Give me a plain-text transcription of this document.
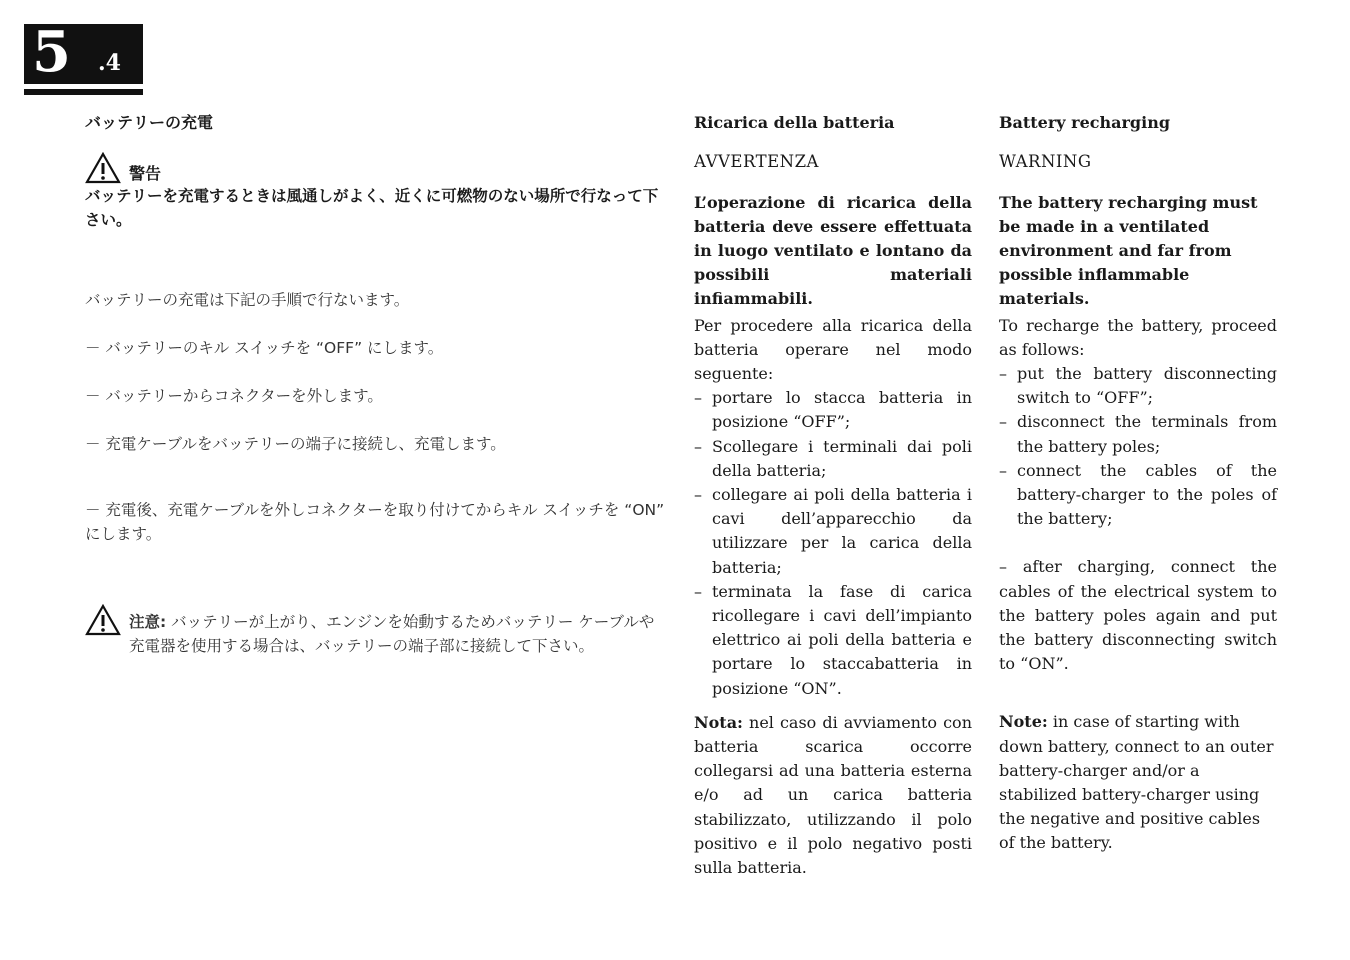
5 .4

バッテリーの充電

警告

バッテリーを充電するときは風通しがよく、近くに可燃物のない場所で行なって下さい。

バッテリーの充電は下記の手順で行ないます。

－ バッテリーのキル スイッチを “OFF” にします。

－ バッテリーからコネクターを外します。

－ 充電ケーブルをバッテリーの端子に接続し、充電します。

－ 充電後、充電ケーブルを外しコネクターを取り付けてからキル スイッチを “ON” にします。

注意: バッテリーが上がり、エンジンを始動するためバッテリー ケーブルや充電器を使用する場合は、バッテリーの端子部に接続して下さい。

Ricarica della batteria

AVVERTENZA

L’operazione di ricarica della batteria deve essere effettuata in luogo ventilato e lontano da possibili materiali infiammabili.

Per procedere alla ricarica della batteria operare nel modo seguente:

– portare lo stacca batteria in posizione “OFF”;
– Scollegare i terminali dai poli della batteria;
– collegare ai poli della batteria i cavi dell’apparecchio da utilizzare per la carica della batteria;
– terminata la fase di carica ricollegare i cavi dell’impianto elettrico ai poli della batteria e portare lo staccabatteria in posizione “ON”.

Nota: nel caso di avviamento con batteria scarica occorre collegarsi ad una batteria esterna e/o ad un carica batteria stabilizzato, utilizzando il polo positivo e il polo negativo posti sulla batteria.

Battery recharging

WARNING

The battery recharging must be made in a ventilated environment and far from possible inflammable materials.

To recharge the battery, proceed as follows:

– put the battery disconnecting switch to “OFF”;
– disconnect the terminals from the battery poles;
– connect the cables of the battery-charger to the poles of the battery;

– after charging, connect the cables of the electrical system to the battery poles again and put the battery disconnecting switch to “ON”.

Note: in case of starting with down battery, connect to an outer battery-charger and/or a stabilized battery-charger using the negative and positive cables of the battery.
